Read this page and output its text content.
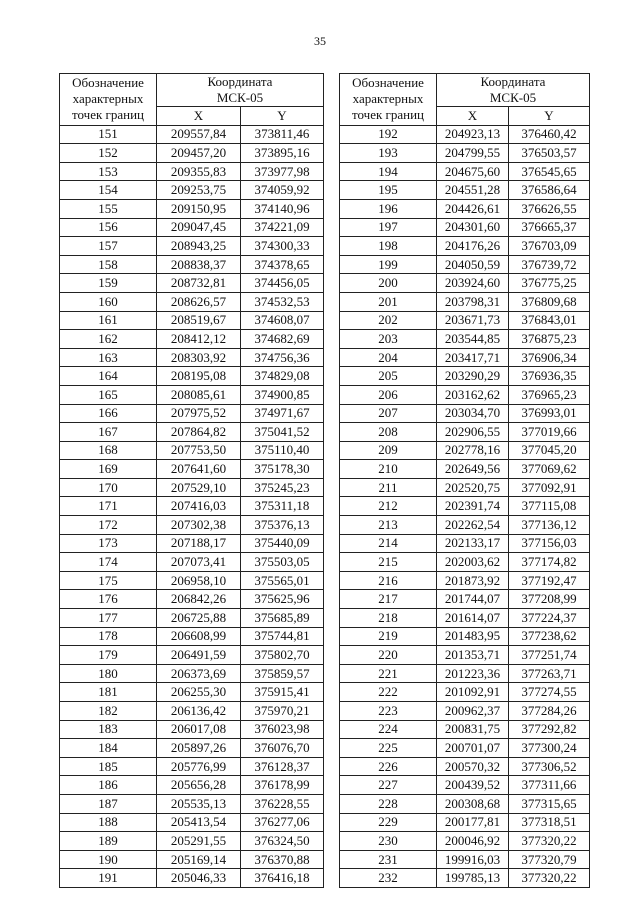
35
Обозначение
характерных
точек границ	Координата
МСК-05	
	X	Y
151	209557,84	373811,46
152	209457,20	373895,16
153	209355,83	373977,98
154	209253,75	374059,92
155	209150,95	374140,96
156	209047,45	374221,09
157	208943,25	374300,33
158	208838,37	374378,65
159	208732,81	374456,05
160	208626,57	374532,53
161	208519,67	374608,07
162	208412,12	374682,69
163	208303,92	374756,36
164	208195,08	374829,08
165	208085,61	374900,85
166	207975,52	374971,67
167	207864,82	375041,52
168	207753,50	375110,40
169	207641,60	375178,30
170	207529,10	375245,23
171	207416,03	375311,18
172	207302,38	375376,13
173	207188,17	375440,09
174	207073,41	375503,05
175	206958,10	375565,01
176	206842,26	375625,96
177	206725,88	375685,89
178	206608,99	375744,81
179	206491,59	375802,70
180	206373,69	375859,57
181	206255,30	375915,41
182	206136,42	375970,21
183	206017,08	376023,98
184	205897,26	376076,70
185	205776,99	376128,37
186	205656,28	376178,99
187	205535,13	376228,55
188	205413,54	376277,06
189	205291,55	376324,50
190	205169,14	376370,88
191	205046,33	376416,18
Обозначение
характерных
точек границ	Координата
МСК-05	
	X	Y
192	204923,13	376460,42
193	204799,55	376503,57
194	204675,60	376545,65
195	204551,28	376586,64
196	204426,61	376626,55
197	204301,60	376665,37
198	204176,26	376703,09
199	204050,59	376739,72
200	203924,60	376775,25
201	203798,31	376809,68
202	203671,73	376843,01
203	203544,85	376875,23
204	203417,71	376906,34
205	203290,29	376936,35
206	203162,62	376965,23
207	203034,70	376993,01
208	202906,55	377019,66
209	202778,16	377045,20
210	202649,56	377069,62
211	202520,75	377092,91
212	202391,74	377115,08
213	202262,54	377136,12
214	202133,17	377156,03
215	202003,62	377174,82
216	201873,92	377192,47
217	201744,07	377208,99
218	201614,07	377224,37
219	201483,95	377238,62
220	201353,71	377251,74
221	201223,36	377263,71
222	201092,91	377274,55
223	200962,37	377284,26
224	200831,75	377292,82
225	200701,07	377300,24
226	200570,32	377306,52
227	200439,52	377311,66
228	200308,68	377315,65
229	200177,81	377318,51
230	200046,92	377320,22
231	199916,03	377320,79
232	199785,13	377320,22
